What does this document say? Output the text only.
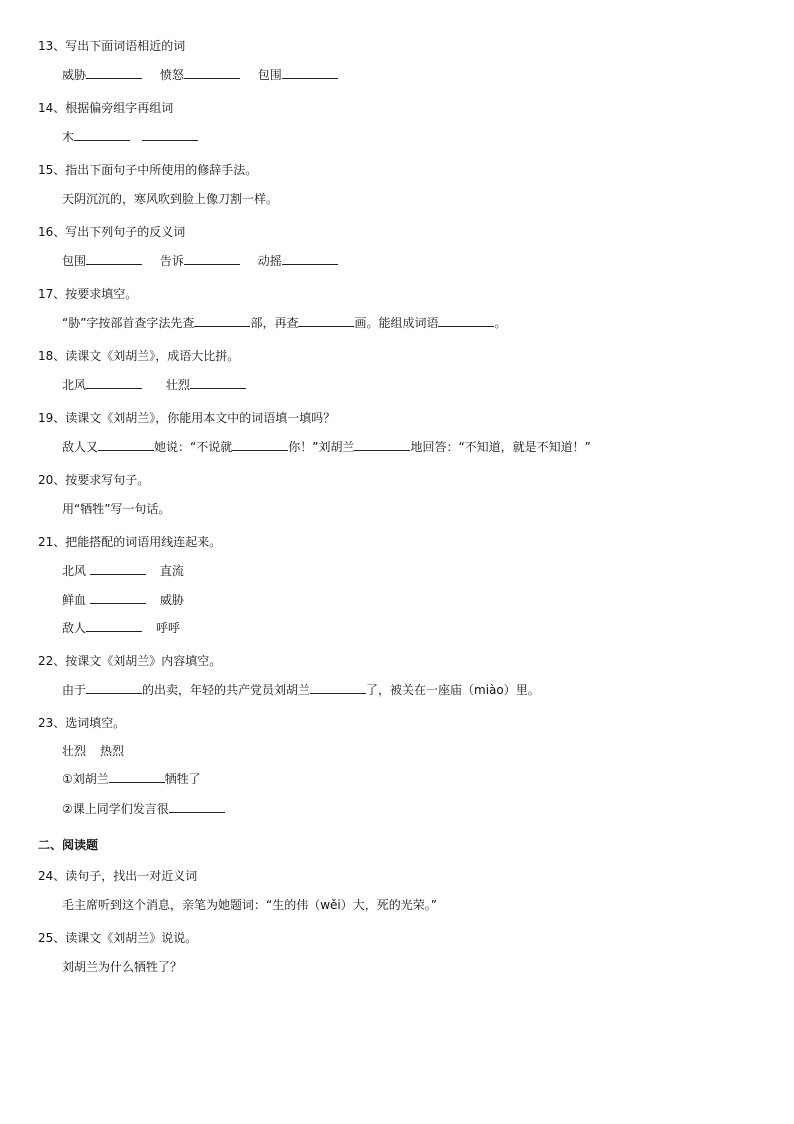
13、写出下面词语相近的词
威胁	愤怒	包围
14、根据偏旁组字再组词
木
15、指出下面句子中所使用的修辞手法。
天阴沉沉的，寒风吹到脸上像刀割一样。
16、写出下列句子的反义词
包围	告诉	动摇
17、按要求填空。
“胁”字按部首查字法先查	部，再查	画。能组成词语	。
18、读课文《刘胡兰》，成语大比拼。
北风	壮烈
19、读课文《刘胡兰》，你能用本文中的词语填一填吗？
敌人又	她说：“不说就	你！”刘胡兰	地回答：“不知道，就是不知道！”
20、按要求写句子。
用“牺牲”写一句话。
21、把能搭配的词语用线连起来。
北风	直流
鲜血	威胁
敌人	呼呼
22、按课文《刘胡兰》内容填空。
由于	的出卖，年轻的共产党员刘胡兰	了，被关在一座庙（miào）里。
23、选词填空。
壮烈 热烈
①刘胡兰	牺牲了
②课上同学们发言很
二、阅读题
24、读句子，找出一对近义词
毛主席听到这个消息，亲笔为她题词：“生的伟（wěi）大，死的光荣。”
25、读课文《刘胡兰》说说。
刘胡兰为什么牺牲了？
